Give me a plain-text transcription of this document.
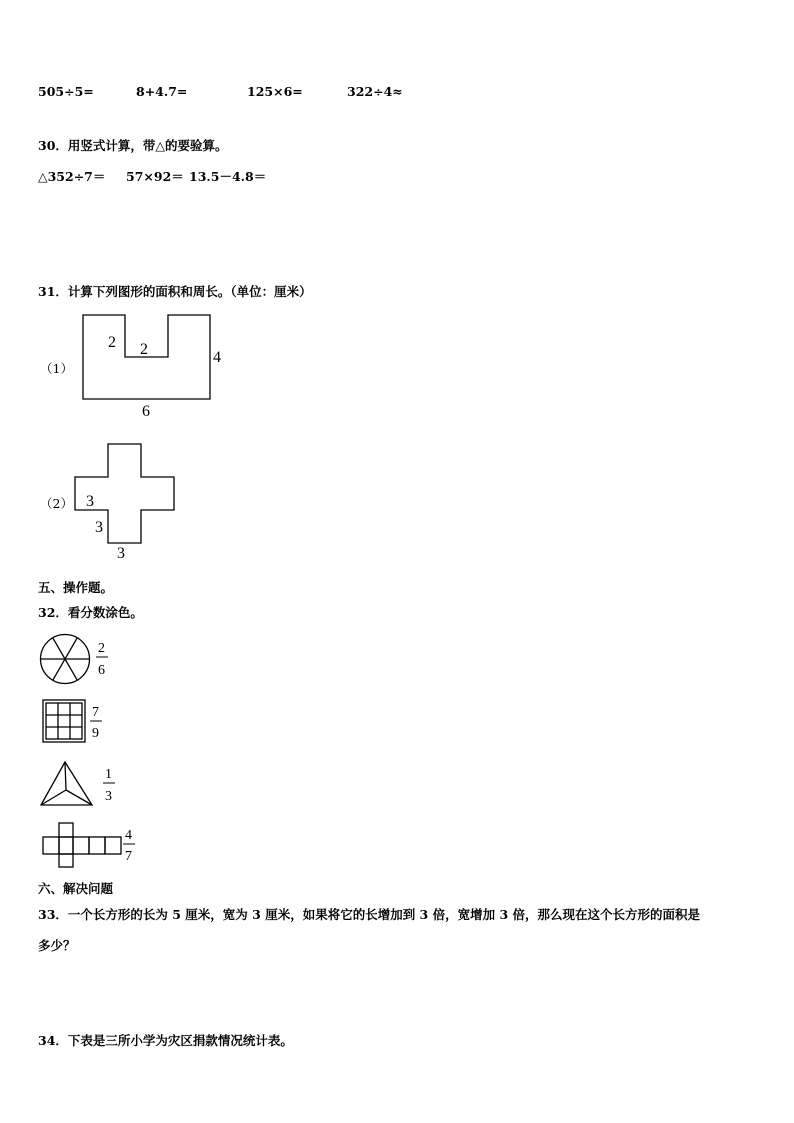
505÷5=	8+4.7=	125×6=	322÷4≈
30．用竖式计算，带△的要验算。
△352÷7＝ 57×92＝ 13.5－4.8＝
31．计算下列图形的面积和周长。（单位：厘米）
（1）
2 2	4
6
（2） 3
3
3
五、操作题。
32．看分数涂色。
2
6
7
9
1
3
4
7
六、解决问题
33．一个长方形的长为 5 厘米，宽为 3 厘米，如果将它的长增加到 3 倍，宽增加 3 倍，那么现在这个长方形的面积是
多少？
34．下表是三所小学为灾区捐款情况统计表。
